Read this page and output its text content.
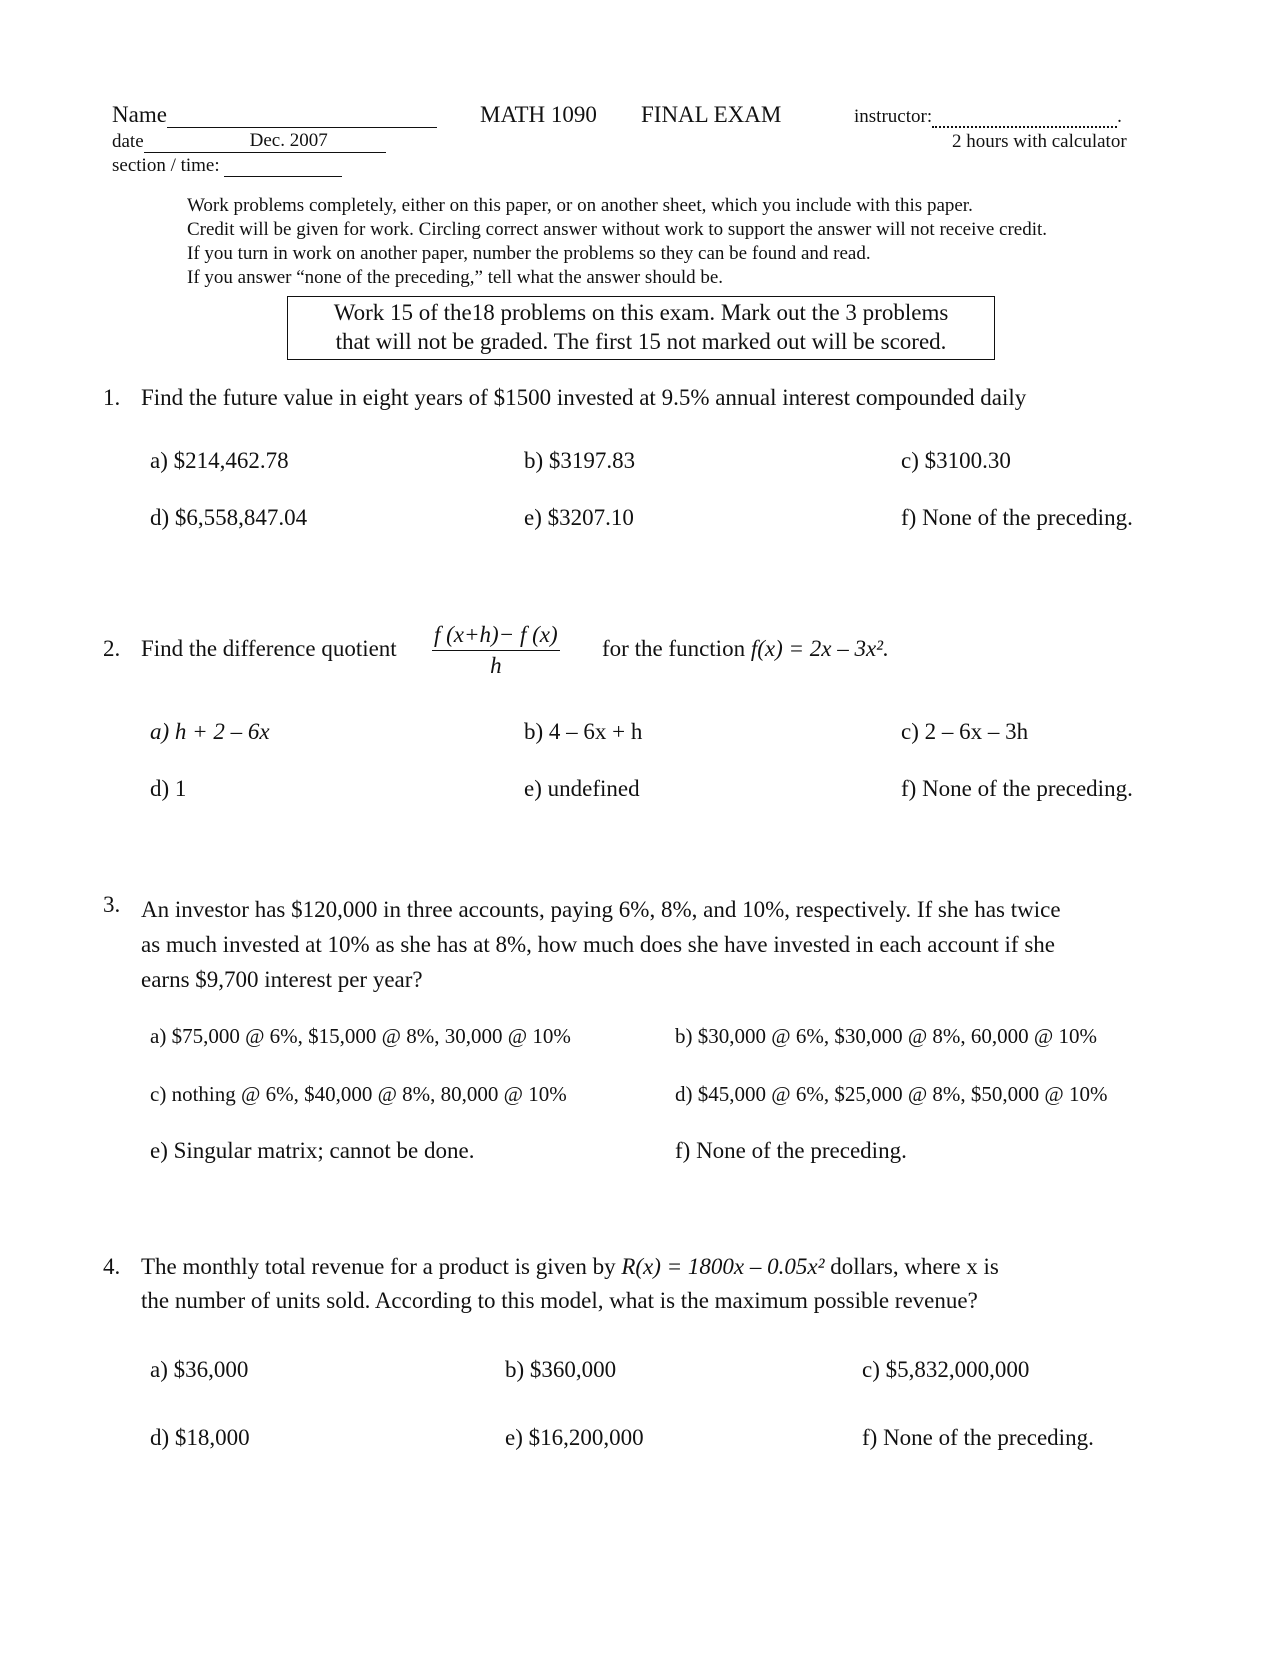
Name	MATH 1090 FINAL EXAM	instructor:	.
date	Dec. 2007	2 hours with calculator
section / time:
Work problems completely, either on this paper, or on another sheet, which you include with this paper.
Credit will be given for work. Circling correct answer without work to support the answer will not receive credit.
If you turn in work on another paper, number the problems so they can be found and read.
If you answer “none of the preceding,” tell what the answer should be.
Work 15 of the18 problems on this exam. Mark out the 3 problems
that will not be graded. The first 15 not marked out will be scored.
1. Find the future value in eight years of $1500 invested at 9.5% annual interest compounded daily
a) $214,462.78	b) $3197.83	c) $3100.30
d) $6,558,847.04	e) $3207.10	f) None of the preceding.
2. Find the difference quotient $\frac{f (x+h)- f (x)}{h}$ for the function f(x) = 2x – 3x².
a) h + 2 – 6x	b) 4 – 6x + h	c) 2 – 6x – 3h
d) 1	e) undefined	f) None of the preceding.
3. An investor has $120,000 in three accounts, paying 6%, 8%, and 10%, respectively. If she has twice
as much invested at 10% as she has at 8%, how much does she have invested in each account if she
earns $9,700 interest per year?
a) $75,000 @ 6%, $15,000 @ 8%, 30,000 @ 10%	b) $30,000 @ 6%, $30,000 @ 8%, 60,000 @ 10%
c) nothing @ 6%, $40,000 @ 8%, 80,000 @ 10%	d) $45,000 @ 6%, $25,000 @ 8%, $50,000 @ 10%
e) Singular matrix; cannot be done.	f) None of the preceding.
4. The monthly total revenue for a product is given by R(x) = 1800x – 0.05x² dollars, where x is
the number of units sold. According to this model, what is the maximum possible revenue?
a) $36,000	b) $360,000	c) $5,832,000,000
d) $18,000	e) $16,200,000	f) None of the preceding.
